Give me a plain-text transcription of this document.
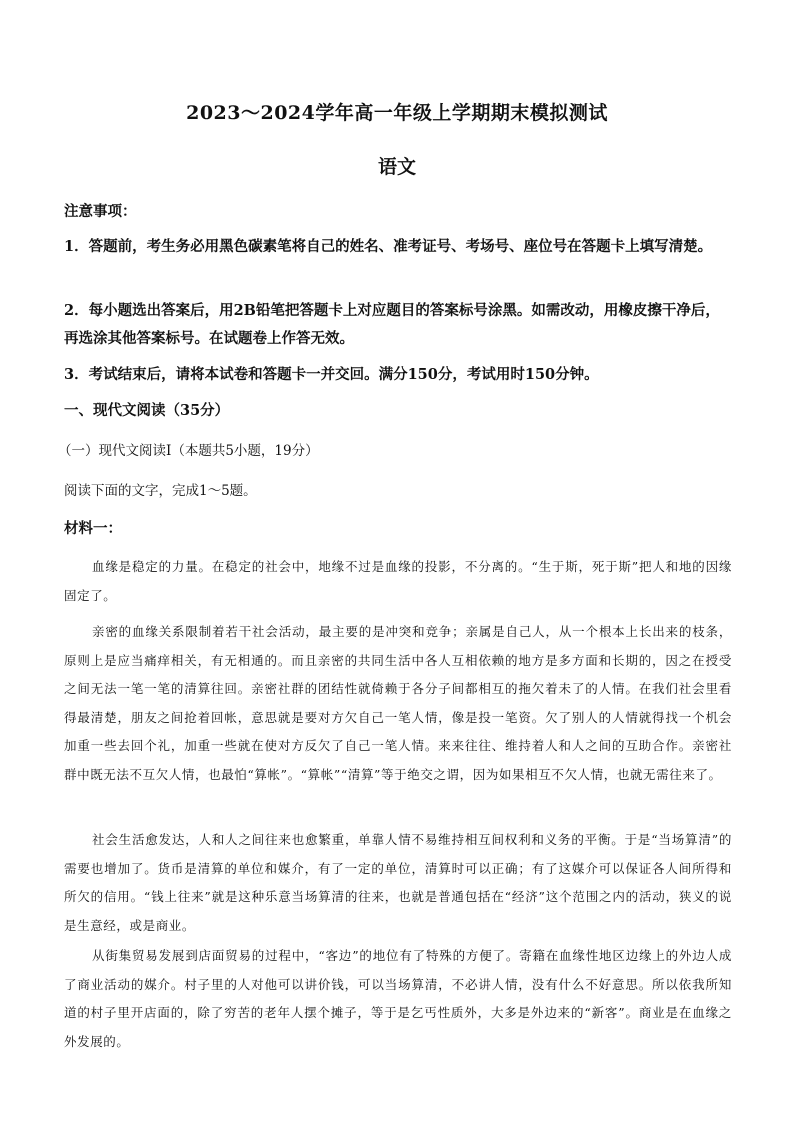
2023～2024学年高一年级上学期期末模拟测试
语文
注意事项：
1．答题前，考生务必用黑色碳素笔将自己的姓名、准考证号、考场号、座位号在答题卡上填写清楚。
2．每小题选出答案后，用2B铅笔把答题卡上对应题目的答案标号涂黑。如需改动，用橡皮擦干净后，再选涂其他答案标号。在试题卷上作答无效。
3．考试结束后，请将本试卷和答题卡一并交回。满分150分，考试用时150分钟。
一、现代文阅读（35分）
（一）现代文阅读Ⅰ（本题共5小题，19分）
阅读下面的文字，完成1～5题。
材料一：
血缘是稳定的力量。在稳定的社会中，地缘不过是血缘的投影，不分离的。“生于斯，死于斯”把人和地的因缘固定了。
亲密的血缘关系限制着若干社会活动，最主要的是冲突和竞争；亲属是自己人，从一个根本上长出来的枝条，原则上是应当痛痒相关，有无相通的。而且亲密的共同生活中各人互相依赖的地方是多方面和长期的，因之在授受之间无法一笔一笔的清算往回。亲密社群的团结性就倚赖于各分子间都相互的拖欠着未了的人情。在我们社会里看得最清楚，朋友之间抢着回帐，意思就是要对方欠自己一笔人情，像是投一笔资。欠了别人的人情就得找一个机会加重一些去回个礼，加重一些就在使对方反欠了自己一笔人情。来来往往、维持着人和人之间的互助合作。亲密社群中既无法不互欠人情，也最怕“算帐”。“算帐”“清算”等于绝交之谓，因为如果相互不欠人情，也就无需往来了。
社会生活愈发达，人和人之间往来也愈繁重，单靠人情不易维持相互间权利和义务的平衡。于是“当场算清”的需要也增加了。货币是清算的单位和媒介，有了一定的单位，清算时可以正确；有了这媒介可以保证各人间所得和所欠的信用。“钱上往来”就是这种乐意当场算清的往来，也就是普通包括在“经济”这个范围之内的活动，狭义的说是生意经，或是商业。
从街集贸易发展到店面贸易的过程中，“客边”的地位有了特殊的方便了。寄籍在血缘性地区边缘上的外边人成了商业活动的媒介。村子里的人对他可以讲价钱，可以当场算清，不必讲人情，没有什么不好意思。所以依我所知道的村子里开店面的，除了穷苦的老年人摆个摊子，等于是乞丐性质外，大多是外边来的“新客”。商业是在血缘之外发展的。
